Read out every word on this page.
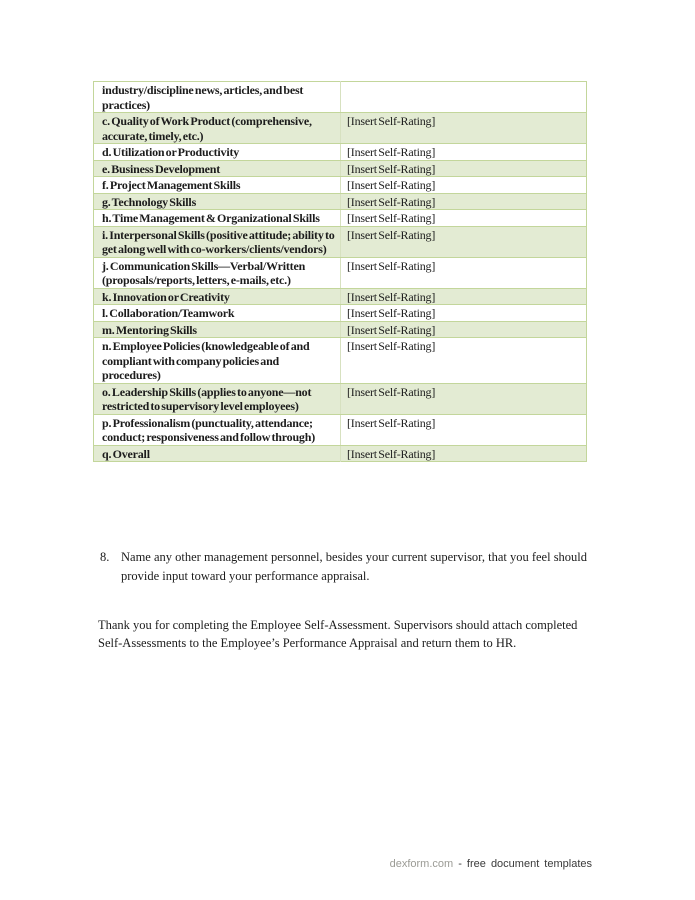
industry/discipline news, articles, and best practices)	
c. Quality of Work Product (comprehensive, accurate, timely, etc.)	[Insert Self-Rating]
d. Utilization or Productivity	[Insert Self-Rating]
e. Business Development	[Insert Self-Rating]
f. Project Management Skills	[Insert Self-Rating]
g. Technology Skills	[Insert Self-Rating]
h. Time Management & Organizational Skills	[Insert Self-Rating]
i. Interpersonal Skills (positive attitude; ability to get along well with co-workers/clients/vendors)	[Insert Self-Rating]
j. Communication Skills—Verbal/Written (proposals/reports, letters, e-mails, etc.)	[Insert Self-Rating]
k. Innovation or Creativity	[Insert Self-Rating]
l. Collaboration/Teamwork	[Insert Self-Rating]
m. Mentoring Skills	[Insert Self-Rating]
n. Employee Policies (knowledgeable of and compliant with company policies and procedures)	[Insert Self-Rating]
o. Leadership Skills (applies to anyone—not restricted to supervisory level employees)	[Insert Self-Rating]
p. Professionalism (punctuality, attendance; conduct; responsiveness and follow through)	[Insert Self-Rating]
q. Overall	[Insert Self-Rating]
8. Name any other management personnel, besides your current supervisor, that you feel should provide input toward your performance appraisal.

Thank you for completing the Employee Self-Assessment. Supervisors should attach completed Self-Assessments to the Employee’s Performance Appraisal and return them to HR.

dexform.com - free document templates
